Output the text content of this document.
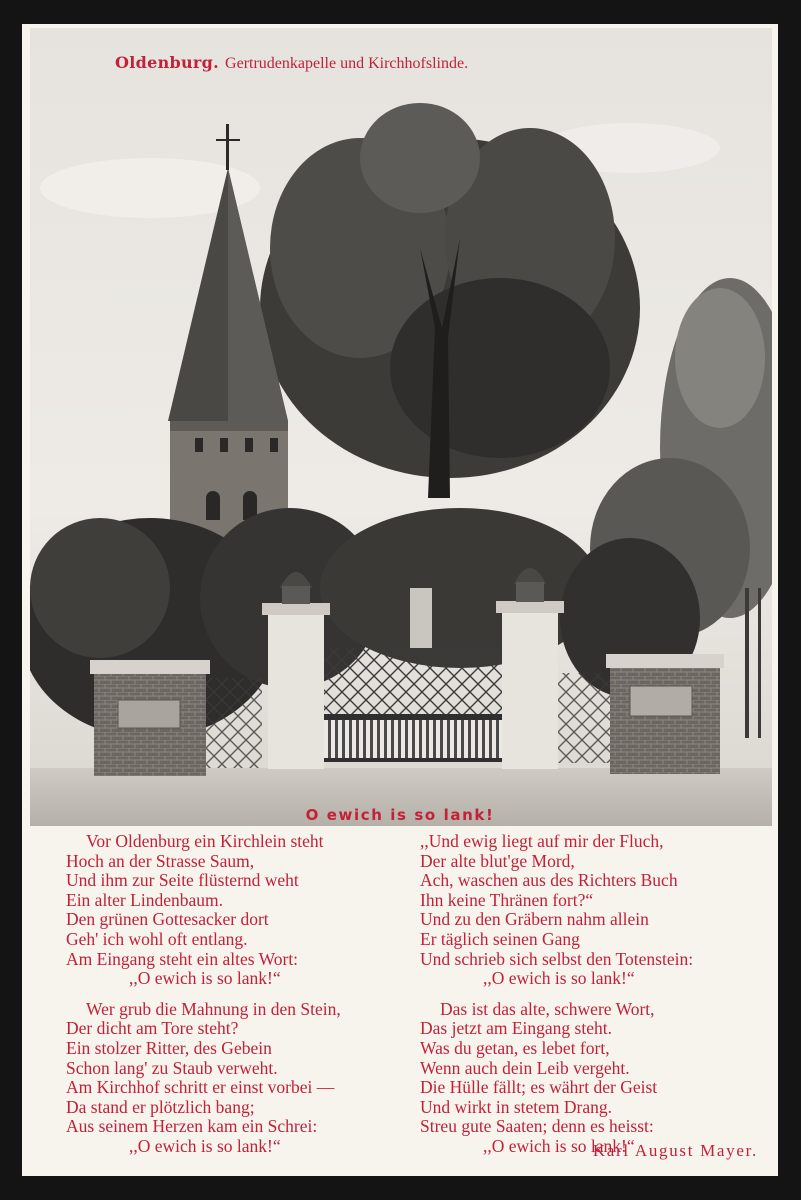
Oldenburg. Gertrudenkapelle und Kirchhofslinde.
O ewich is so lank!
Vor Oldenburg ein Kirchlein steht
Hoch an der Strasse Saum,
Und ihm zur Seite flüsternd weht
Ein alter Lindenbaum.
Den grünen Gottesacker dort
Geh' ich wohl oft entlang.
Am Eingang steht ein altes Wort:
,,O ewich is so lank!“
Wer grub die Mahnung in den Stein,
Der dicht am Tore steht?
Ein stolzer Ritter, des Gebein
Schon lang' zu Staub verweht.
Am Kirchhof schritt er einst vorbei —
Da stand er plötzlich bang;
Aus seinem Herzen kam ein Schrei:
,,O ewich is so lank!“
,,Und ewig liegt auf mir der Fluch,
Der alte blut'ge Mord,
Ach, waschen aus des Richters Buch
Ihn keine Thränen fort?“
Und zu den Gräbern nahm allein
Er täglich seinen Gang
Und schrieb sich selbst den Totenstein:
,,O ewich is so lank!“
Das ist das alte, schwere Wort,
Das jetzt am Eingang steht.
Was du getan, es lebet fort,
Wenn auch dein Leib vergeht.
Die Hülle fällt; es währt der Geist
Und wirkt in stetem Drang.
Streu gute Saaten; denn es heisst:
,,O ewich is so lank!“
Karl August Mayer.
